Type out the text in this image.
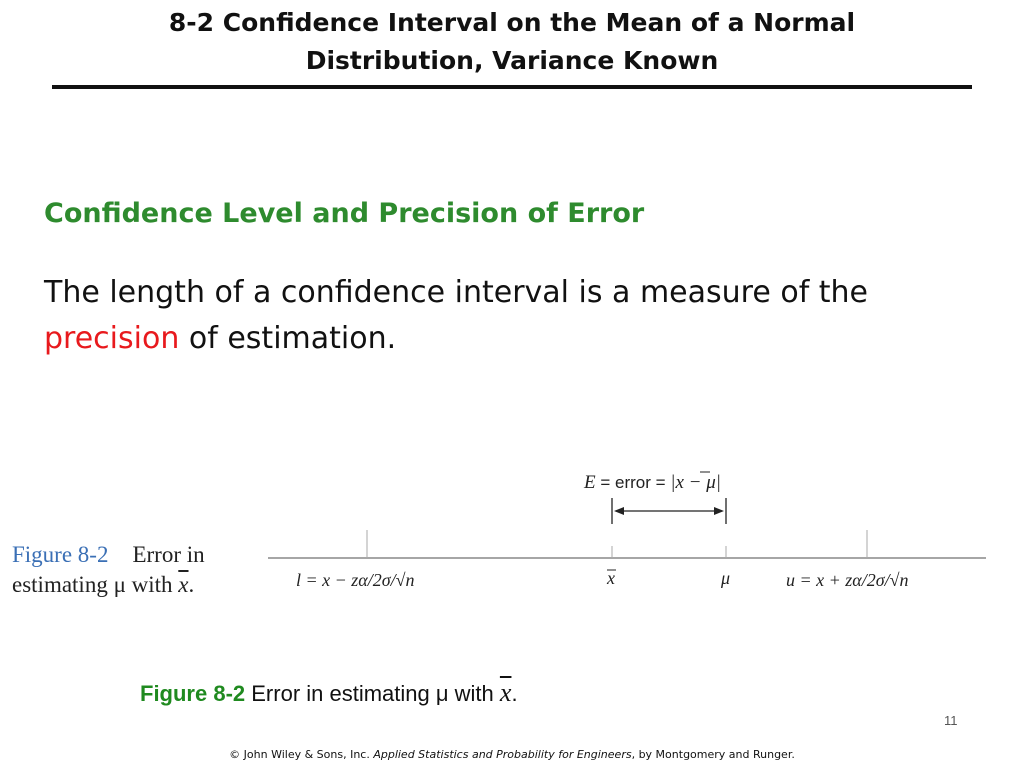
8-2 Confidence Interval on the Mean of a Normal
Distribution, Variance Known
Confidence Level and Precision of Error
The length of a confidence interval is a measure of the
precision of estimation.
Figure 8-2 Error in
estimating μ with $\overline{x}$.
E = error = |x − μ|
l = x − zα/2σ/√n	x	μ	u = x + zα/2σ/√n
Figure 8-2 Error in estimating μ with $\overline{x}$.
11
© John Wiley & Sons, Inc. Applied Statistics and Probability for Engineers, by Montgomery and Runger.
